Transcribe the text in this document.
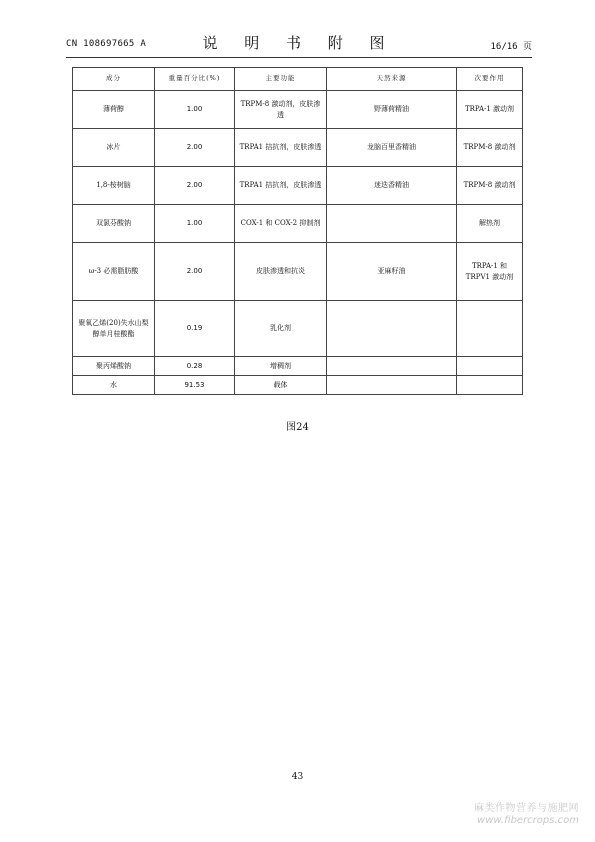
CN 108697665 A	说 明 书 附 图	16/16 页
成分	重量百分比(%)	主要功能	天然来源	次要作用
薄荷醇	1.00	TRPM-8 激动剂，皮肤渗透	野薄荷精油	TRPA-1 激动剂
冰片	2.00	TRPA1 拮抗剂，皮肤渗透	龙脑百里香精油	TRPM-8 激动剂
1,8-桉树脑	2.00	TRPA1 拮抗剂，皮肤渗透	迷迭香精油	TRPM-8 激动剂
双氯芬酸钠	1.00	COX-1 和 COX-2 抑制剂		解热剂
ω-3 必需脂肪酸	2.00	皮肤渗透和抗炎	亚麻籽油	TRPA-1 和 TRPV1 激动剂
聚氧乙烯(20)失水山梨醇单月桂酸酯	0.19	乳化剂		
聚丙烯酸钠	0.28	增稠剂		
水	91.53	载体		
图24
43
麻类作物营养与施肥网
www.fibercrops.com
